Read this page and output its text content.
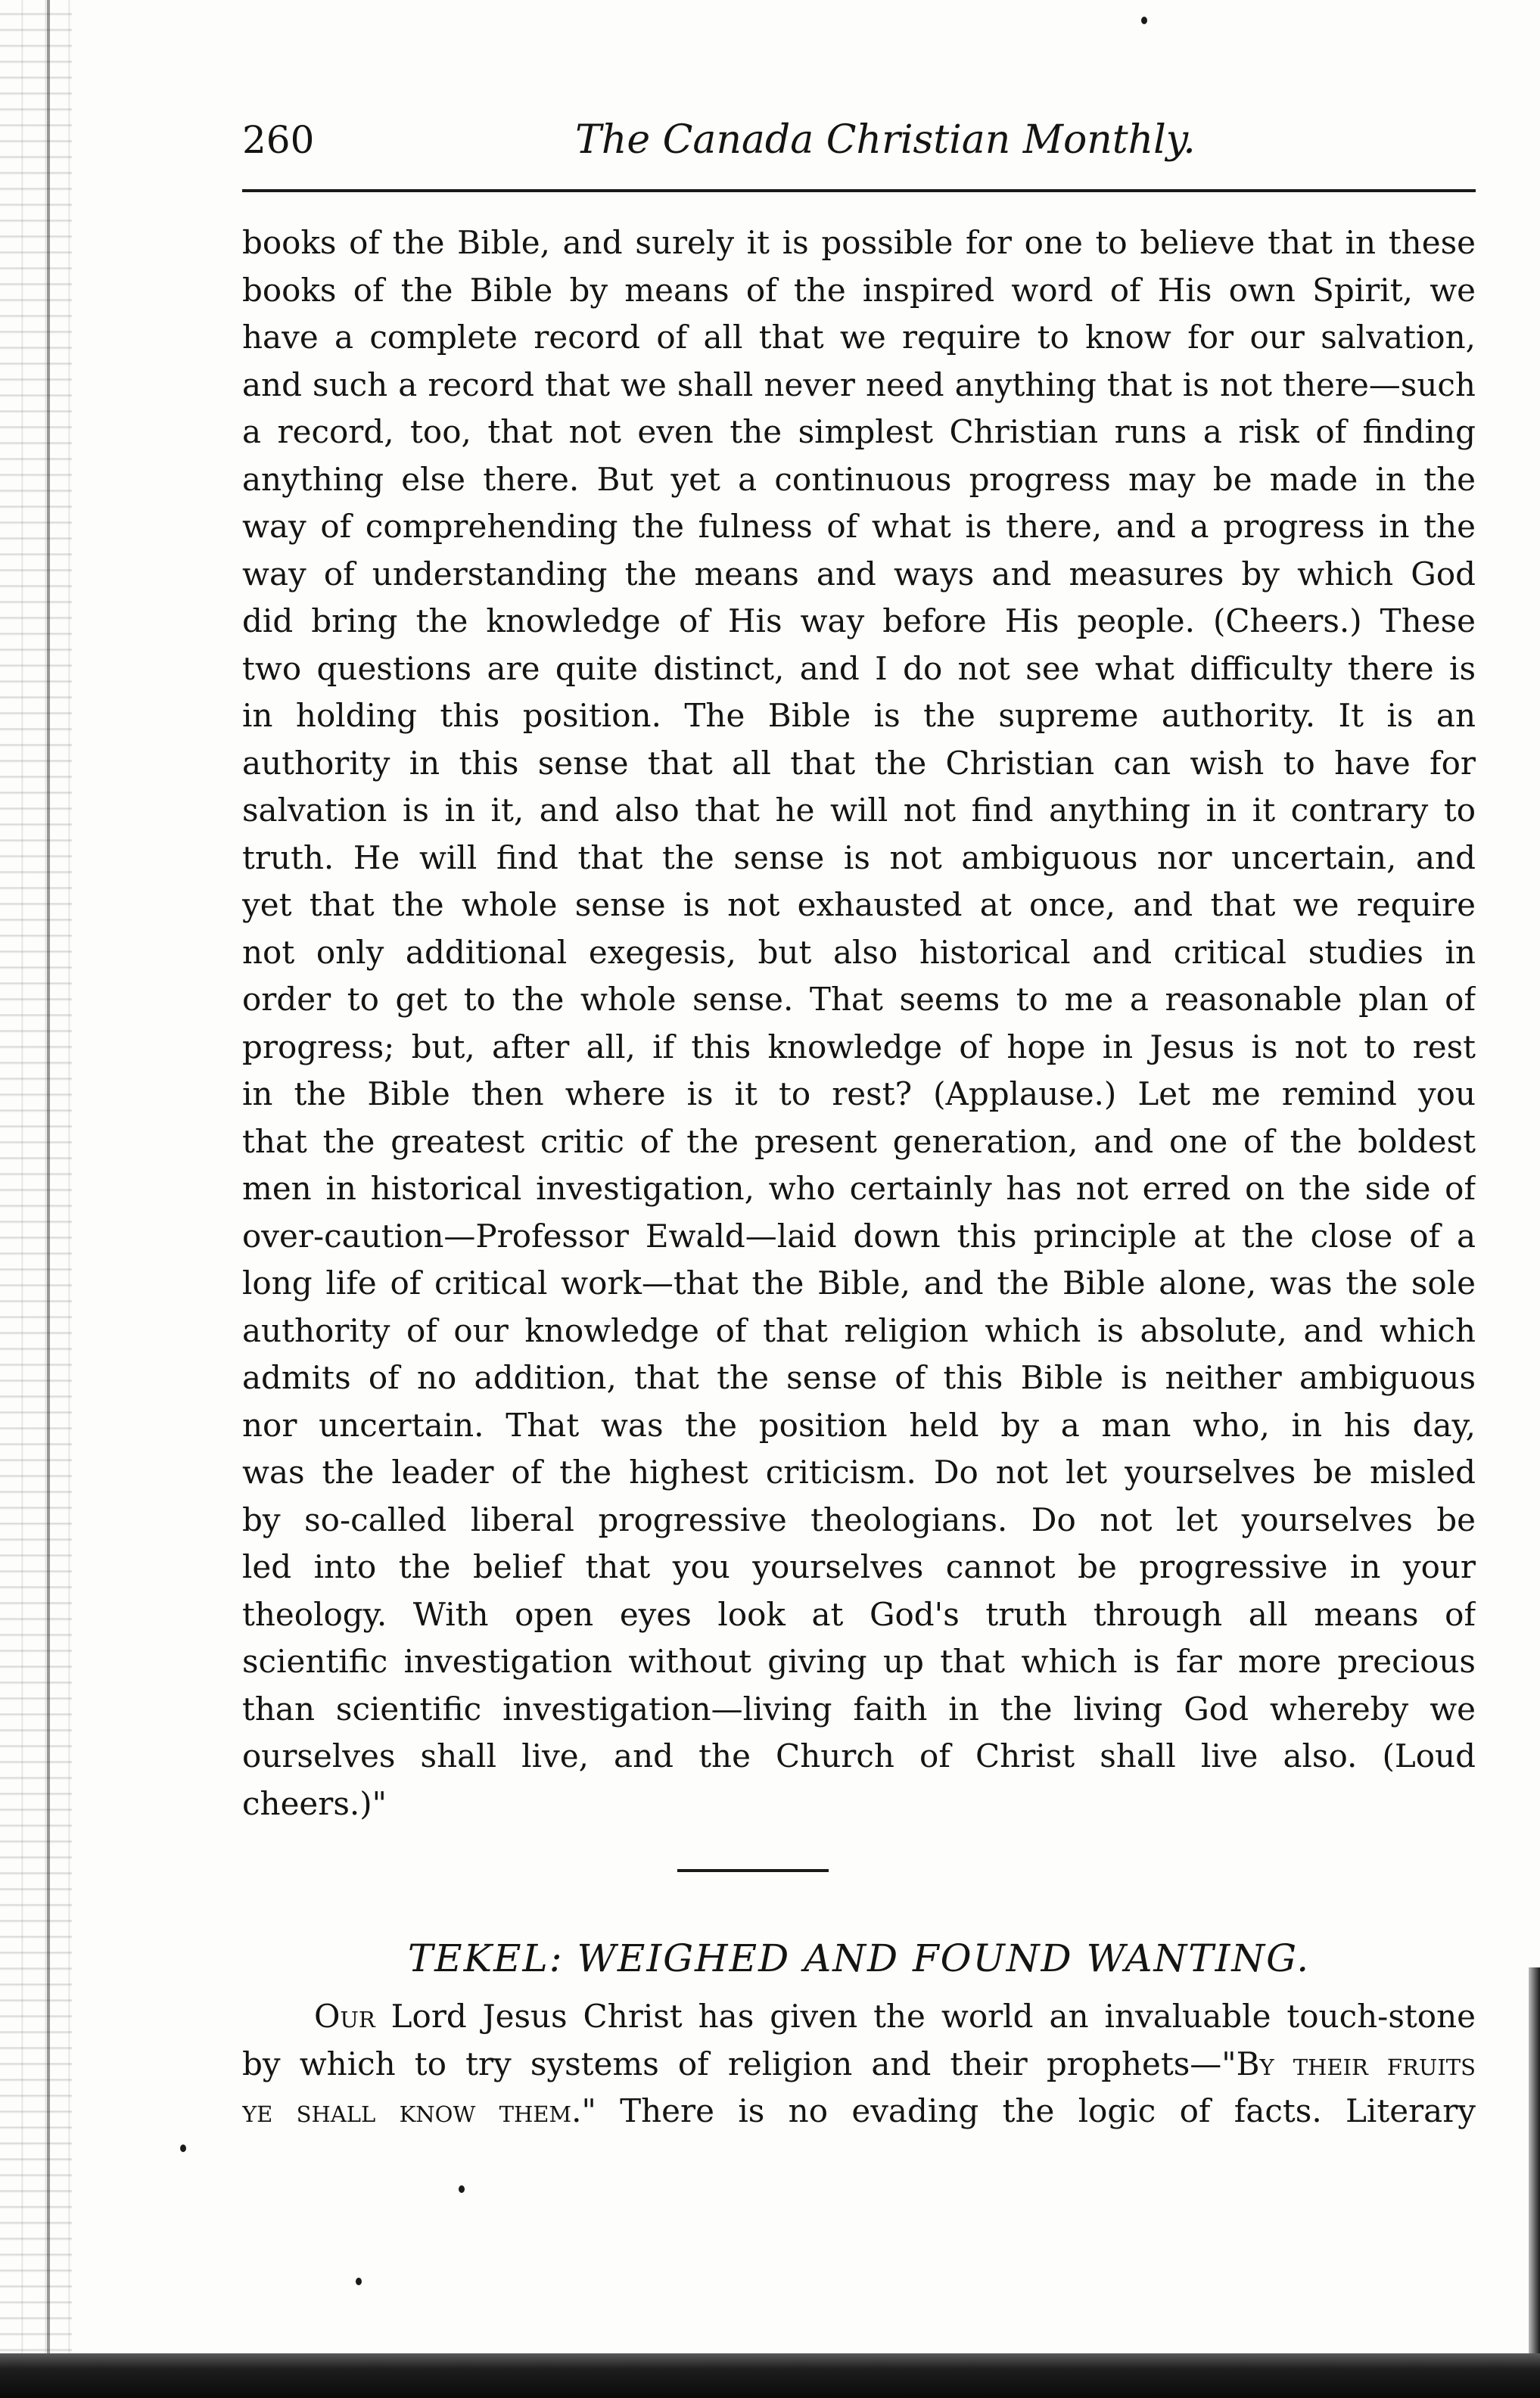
260	The Canada Christian Monthly.
books of the Bible, and surely it is possible for one to believe that in these
books of the Bible by means of the inspired word of His own Spirit, we
have a complete record of all that we require to know for our salvation,
and such a record that we shall never need anything that is not there—such
a record, too, that not even the simplest Christian runs a risk of finding
anything else there. But yet a continuous progress may be made in the
way of comprehending the fulness of what is there, and a progress in the
way of understanding the means and ways and measures by which God
did bring the knowledge of His way before His people. (Cheers.) These
two questions are quite distinct, and I do not see what difficulty there is
in holding this position. The Bible is the supreme authority. It is an
authority in this sense that all that the Christian can wish to have for
salvation is in it, and also that he will not find anything in it contrary to
truth. He will find that the sense is not ambiguous nor uncertain, and
yet that the whole sense is not exhausted at once, and that we require
not only additional exegesis, but also historical and critical studies in
order to get to the whole sense. That seems to me a reasonable plan of
progress; but, after all, if this knowledge of hope in Jesus is not to rest
in the Bible then where is it to rest? (Applause.) Let me remind you
that the greatest critic of the present generation, and one of the boldest
men in historical investigation, who certainly has not erred on the side of
over-caution—Professor Ewald—laid down this principle at the close of a
long life of critical work—that the Bible, and the Bible alone, was the sole
authority of our knowledge of that religion which is absolute, and which
admits of no addition, that the sense of this Bible is neither ambiguous
nor uncertain. That was the position held by a man who, in his day,
was the leader of the highest criticism. Do not let yourselves be misled
by so-called liberal progressive theologians. Do not let yourselves be
led into the belief that you yourselves cannot be progressive in your
theology. With open eyes look at God's truth through all means of
scientific investigation without giving up that which is far more precious
than scientific investigation—living faith in the living God whereby we
ourselves shall live, and the Church of Christ shall live also. (Loud
cheers.)"
TEKEL: WEIGHED AND FOUND WANTING.
Our Lord Jesus Christ has given the world an invaluable touch-stone
by which to try systems of religion and their prophets—"By their fruits
ye shall know them." There is no evading the logic of facts. Literary
